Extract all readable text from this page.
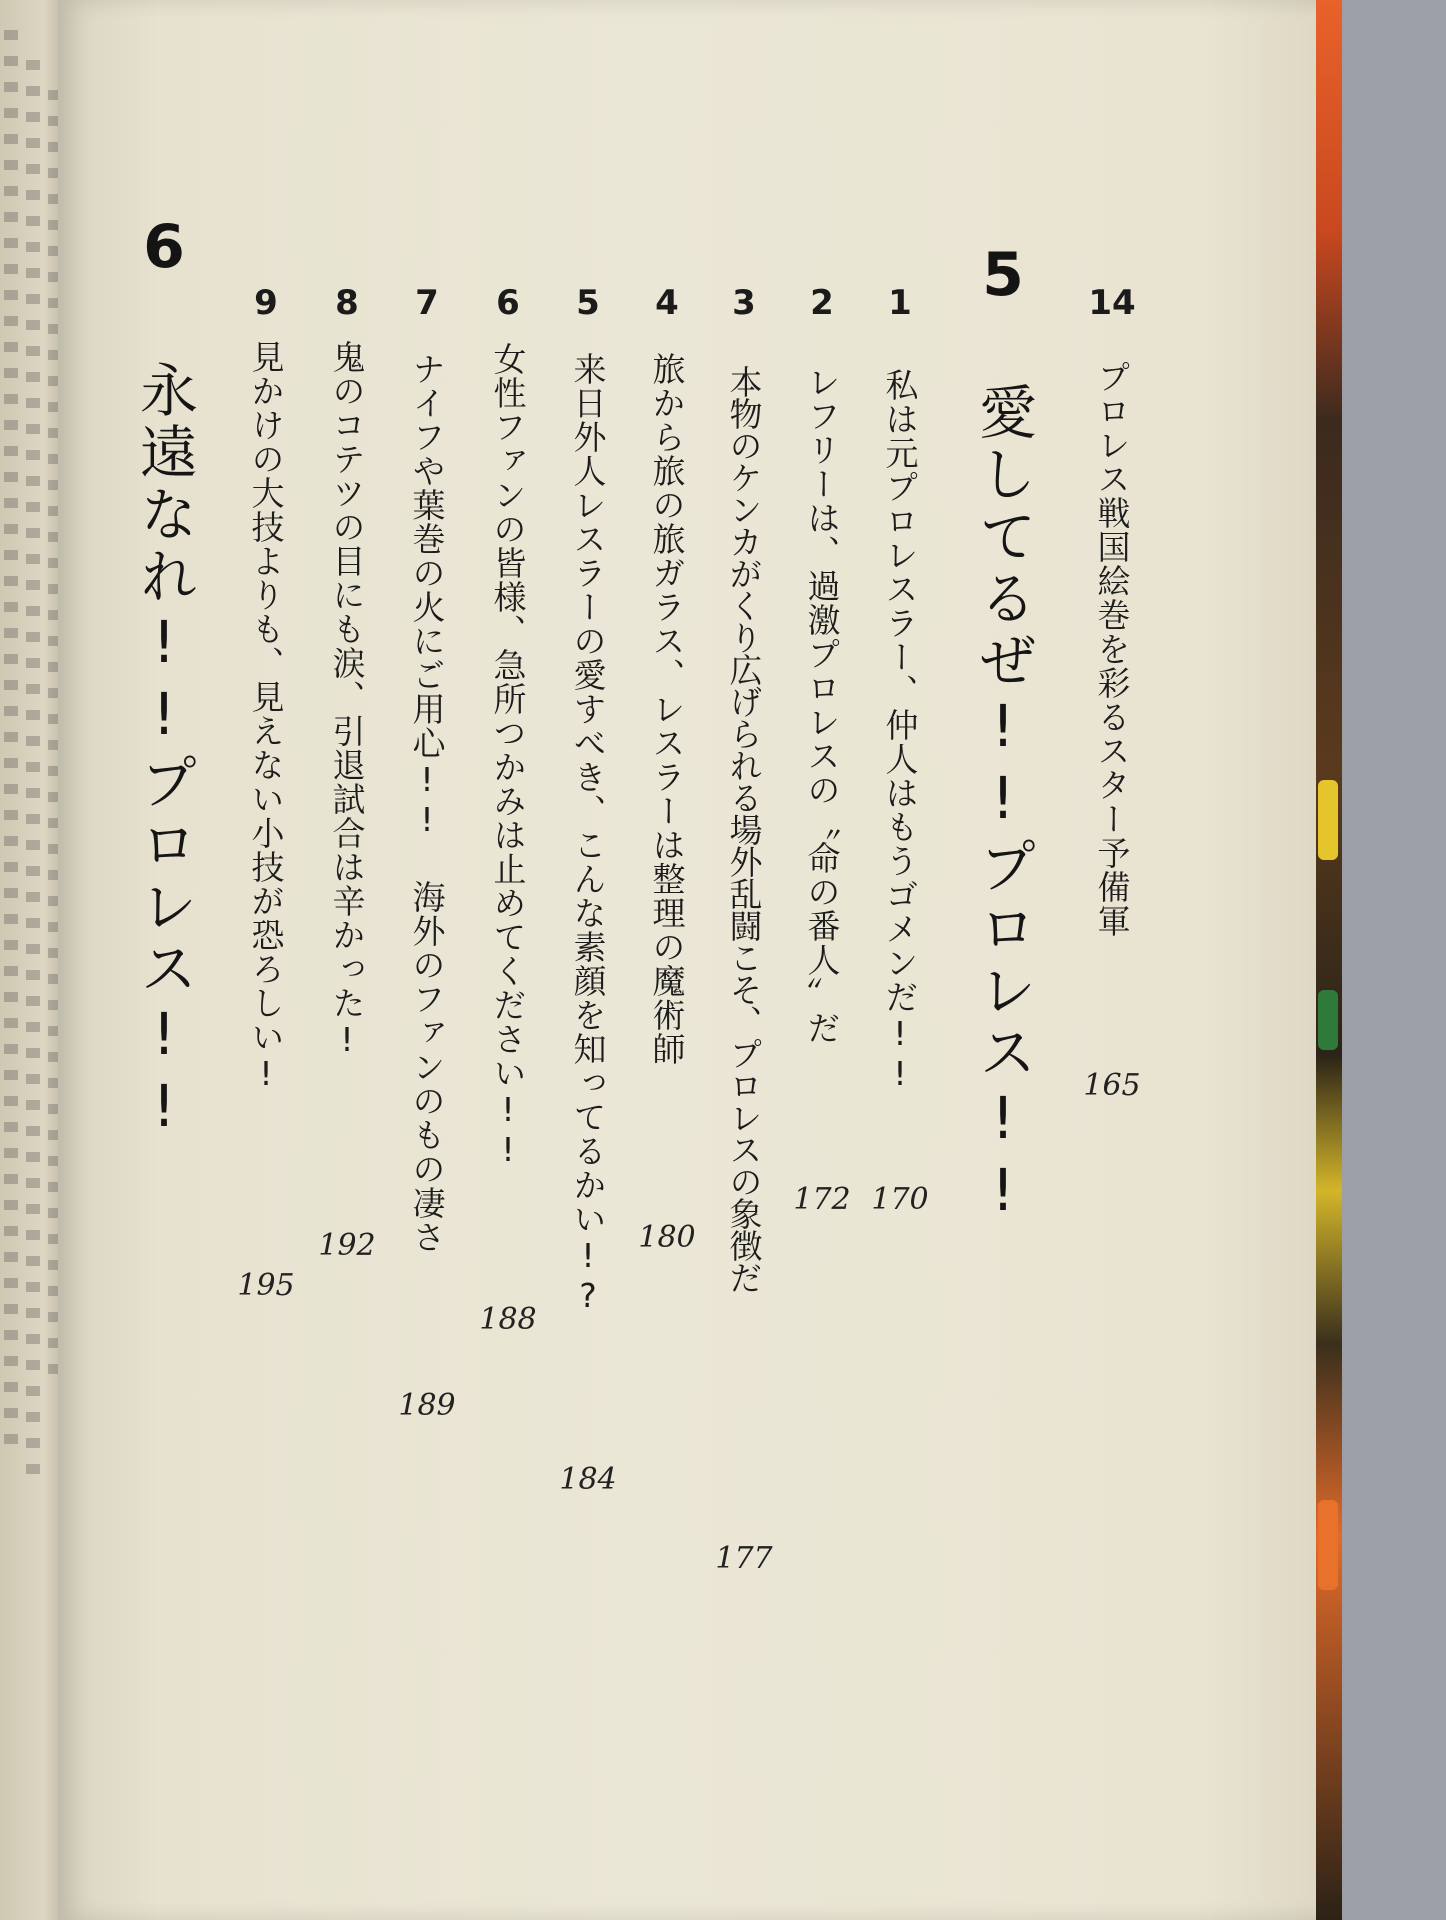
14
プロレス戦国絵巻を彩るスター予備軍
165
5
愛してるぜ!!プロレス!!
1
私は元プロレスラー、仲人はもうゴメンだ!!
170
2
レフリーは、過激プロレスの〝命の番人〟だ
172
3
本物のケンカがくり広げられる場外乱闘こそ、プロレスの象徴だ
177
4
旅から旅の旅ガラス、レスラーは整理の魔術師
180
5
来日外人レスラーの愛すべき、こんな素顔を知ってるかい!?
184
6
女性ファンの皆様、急所つかみは止めてください!!
188
7
ナイフや葉巻の火にご用心!! 海外のファンのもの凄さ
189
8
鬼のコテツの目にも涙、引退試合は辛かった!
192
9
見かけの大技よりも、見えない小技が恐ろしい!
195
6
永遠なれ!!プロレス!!
